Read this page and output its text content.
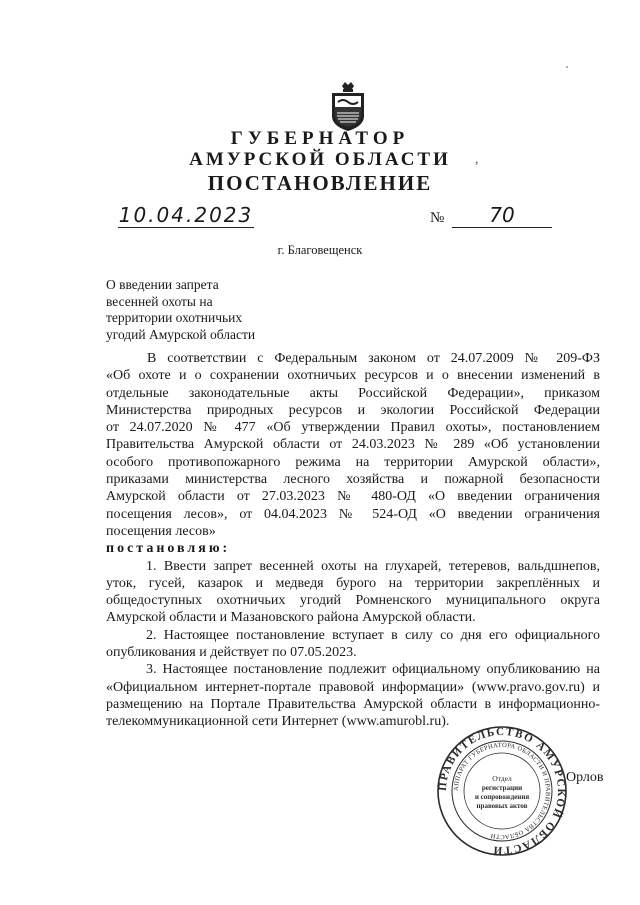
ГУБЕРНАТОР
АМУРСКОЙ ОБЛАСТИ	,
ПОСТАНОВЛЕНИЕ
10.04.2023	№	70
г. Благовещенск
О введении запрета
весенней охоты на
территории охотничьих
угодий Амурской области
В соответствии с Федеральным законом от 24.07.2009 № 209-ФЗ
«Об охоте и о сохранении охотничьих ресурсов и о внесении изменений в
отдельные законодательные акты Российской Федерации», приказом
Министерства природных ресурсов и экологии Российской Федерации
от 24.07.2020 № 477 «Об утверждении Правил охоты», постановлением
Правительства Амурской области от 24.03.2023 № 289 «Об установлении
особого противопожарного режима на территории Амурской области»,
приказами министерства лесного хозяйства и пожарной безопасности
Амурской области от 27.03.2023 № 480-ОД «О введении ограничения
посещения лесов», от 04.04.2023 № 524-ОД «О введении ограничения
посещения лесов»
постановляю:
1. Ввести запрет весенней охоты на глухарей, тетеревов, вальдшнепов,
уток, гусей, казарок и медведя бурого на территории закреплённых и
общедоступных охотничьих угодий Ромненского муниципального округа
Амурской области и Мазановского района Амурской области.
2. Настоящее постановление вступает в силу со дня его официального
опубликования и действует по 07.05.2023.
3. Настоящее постановление подлежит официальному опубликованию на
«Официальном интернет-портале правовой информации» (www.pravo.gov.ru) и
размещению на Портале Правительства Амурской области в информационно-
телекоммуникационной сети Интернет (www.amurobl.ru).
ПРАВИТЕЛЬСТВО АМУРСКОЙ ОБЛАСТИ
АППАРАТ ГУБЕРНАТОРА ОБЛАСТИ И ПРАВИТЕЛЬСТВА ОБЛАСТИ
Отдел
регистрации
и сопровождения
правовых актов
Орлов
